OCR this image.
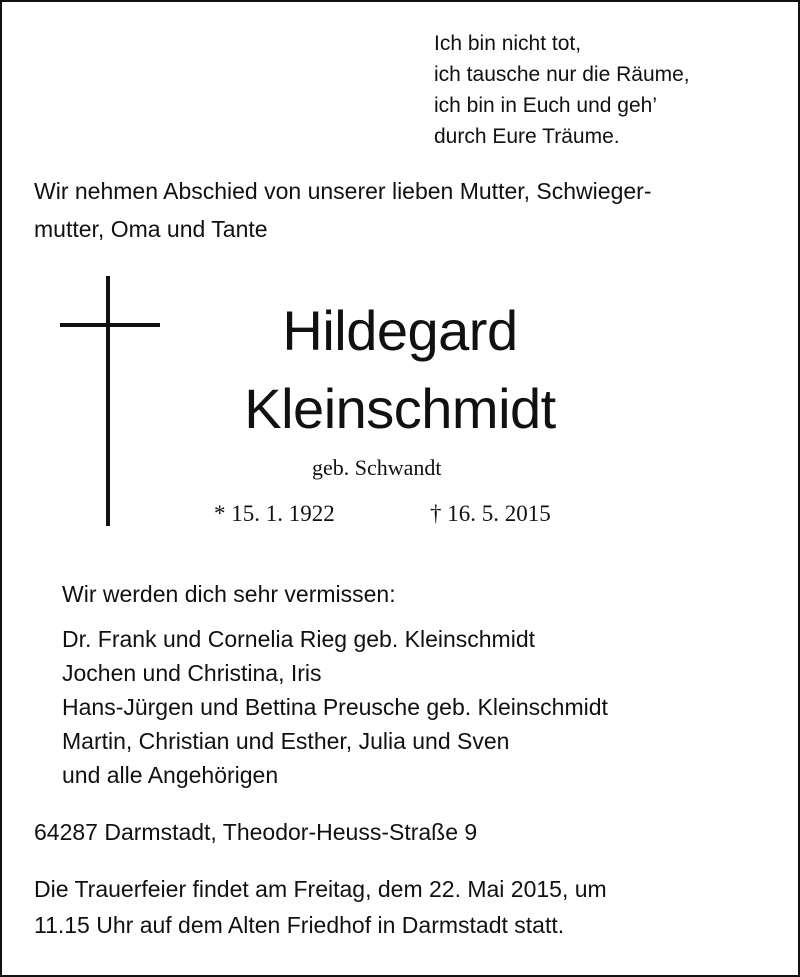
Ich bin nicht tot,
ich tausche nur die Räume,
ich bin in Euch und geh’
durch Eure Träume.
Wir nehmen Abschied von unserer lieben Mutter, Schwieger-
mutter, Oma und Tante
Hildegard
Kleinschmidt
geb. Schwandt
* 15. 1. 1922	† 16. 5. 2015
Wir werden dich sehr vermissen:
Dr. Frank und Cornelia Rieg geb. Kleinschmidt
Jochen und Christina, Iris
Hans-Jürgen und Bettina Preusche geb. Kleinschmidt
Martin, Christian und Esther, Julia und Sven
und alle Angehörigen
64287 Darmstadt, Theodor-Heuss-Straße 9
Die Trauerfeier findet am Freitag, dem 22. Mai 2015, um
11.15 Uhr auf dem Alten Friedhof in Darmstadt statt.
